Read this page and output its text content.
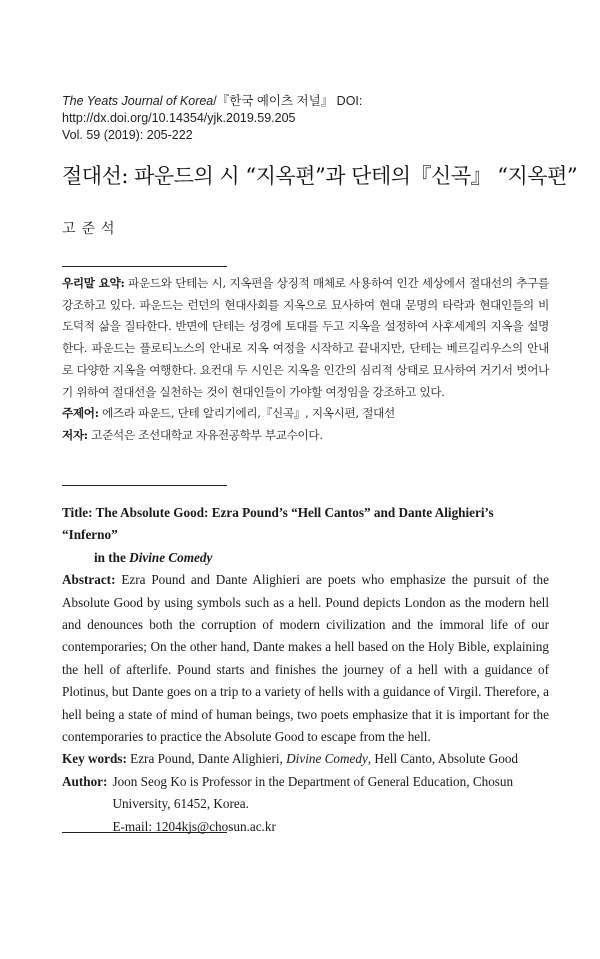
The Yeats Journal of Korea/『한국 예이츠 저널』 DOI: http://dx.doi.org/10.14354/yjk.2019.59.205
Vol. 59 (2019): 205-222
절대선: 파운드의 시 “지옥편”과 단테의『신곡』 “지옥편”
고준석

우리말 요약: 파운드와 단테는 시, 지옥편을 상징적 매체로 사용하여 인간 세상에서 절대선의 추구를 강조하고 있다. 파운드는 런던의 현대사회를 지옥으로 묘사하여 현대 문명의 타락과 현대인들의 비도덕적 삶을 질타한다. 반면에 단테는 성경에 토대를 두고 지옥을 설정하여 사후세계의 지옥을 설명한다. 파운드는 플로티노스의 안내로 지옥 여정을 시작하고 끝내지만, 단테는 베르길리우스의 안내로 다양한 지옥을 여행한다. 요컨대 두 시인은 지옥을 인간의 심리적 상태로 묘사하여 거기서 벗어나기 위하여 절대선을 실천하는 것이 현대인들이 가야할 여정임을 강조하고 있다.

주제어: 에즈라 파운드, 단테 알리기에리,『신곡』, 지옥시편, 절대선

저자: 고준석은 조선대학교 자유전공학부 부교수이다.

Title: The Absolute Good: Ezra Pound’s “Hell Cantos” and Dante Alighieri’s “Inferno”

in the Divine Comedy

Abstract: Ezra Pound and Dante Alighieri are poets who emphasize the pursuit of the Absolute Good by using symbols such as a hell. Pound depicts London as the modern hell and denounces both the corruption of modern civilization and the immoral life of our contemporaries; On the other hand, Dante makes a hell based on the Holy Bible, explaining the hell of afterlife. Pound starts and finishes the journey of a hell with a guidance of Plotinus, but Dante goes on a trip to a variety of hells with a guidance of Virgil. Therefore, a hell being a state of mind of human beings, two poets emphasize that it is important for the contemporaries to practice the Absolute Good to escape from the hell.

Key words: Ezra Pound, Dante Alighieri, Divine Comedy, Hell Canto, Absolute Good

Author: Joon Seog Ko is Professor in the Department of General Education, Chosun University, 61452, Korea.
E-mail: 1204kjs@chosun.ac.kr
